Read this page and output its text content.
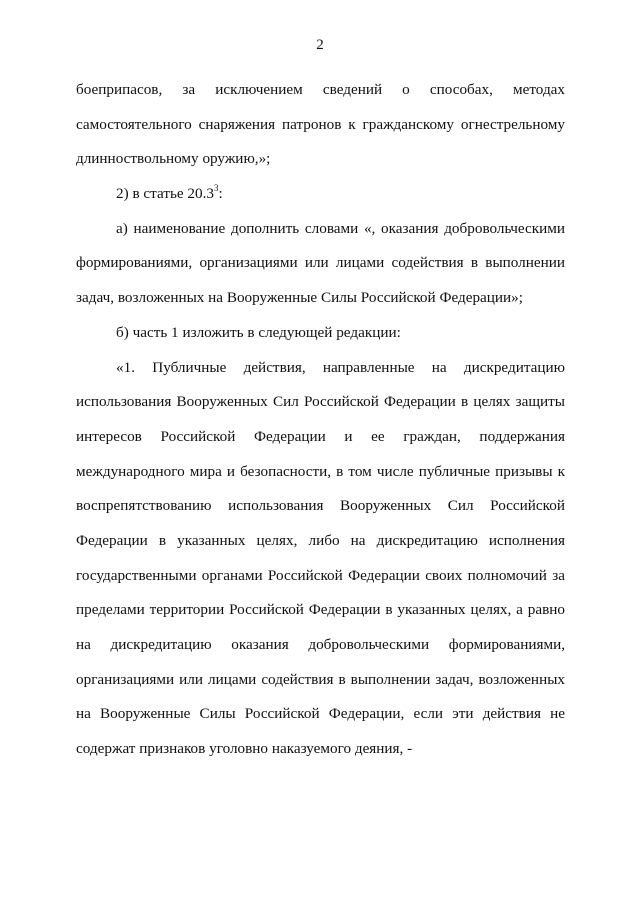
2
боеприпасов, за исключением сведений о способах, методах
самостоятельного снаряжения патронов к гражданскому огнестрельному
длинноствольному оружию,»;
2) в статье 20.3$^3$:
а) наименование дополнить словами «, оказания добровольческими
формированиями, организациями или лицами содействия в выполнении
задач, возложенных на Вооруженные Силы Российской Федерации»;
б) часть 1 изложить в следующей редакции:
«1. Публичные действия, направленные на дискредитацию
использования Вооруженных Сил Российской Федерации в целях защиты
интересов Российской Федерации и ее граждан, поддержания
международного мира и безопасности, в том числе публичные призывы к
воспрепятствованию использования Вооруженных Сил Российской
Федерации в указанных целях, либо на дискредитацию исполнения
государственными органами Российской Федерации своих полномочий за
пределами территории Российской Федерации в указанных целях, а равно
на дискредитацию оказания добровольческими формированиями,
организациями или лицами содействия в выполнении задач, возложенных
на Вооруженные Силы Российской Федерации, если эти действия не
содержат признаков уголовно наказуемого деяния, -
